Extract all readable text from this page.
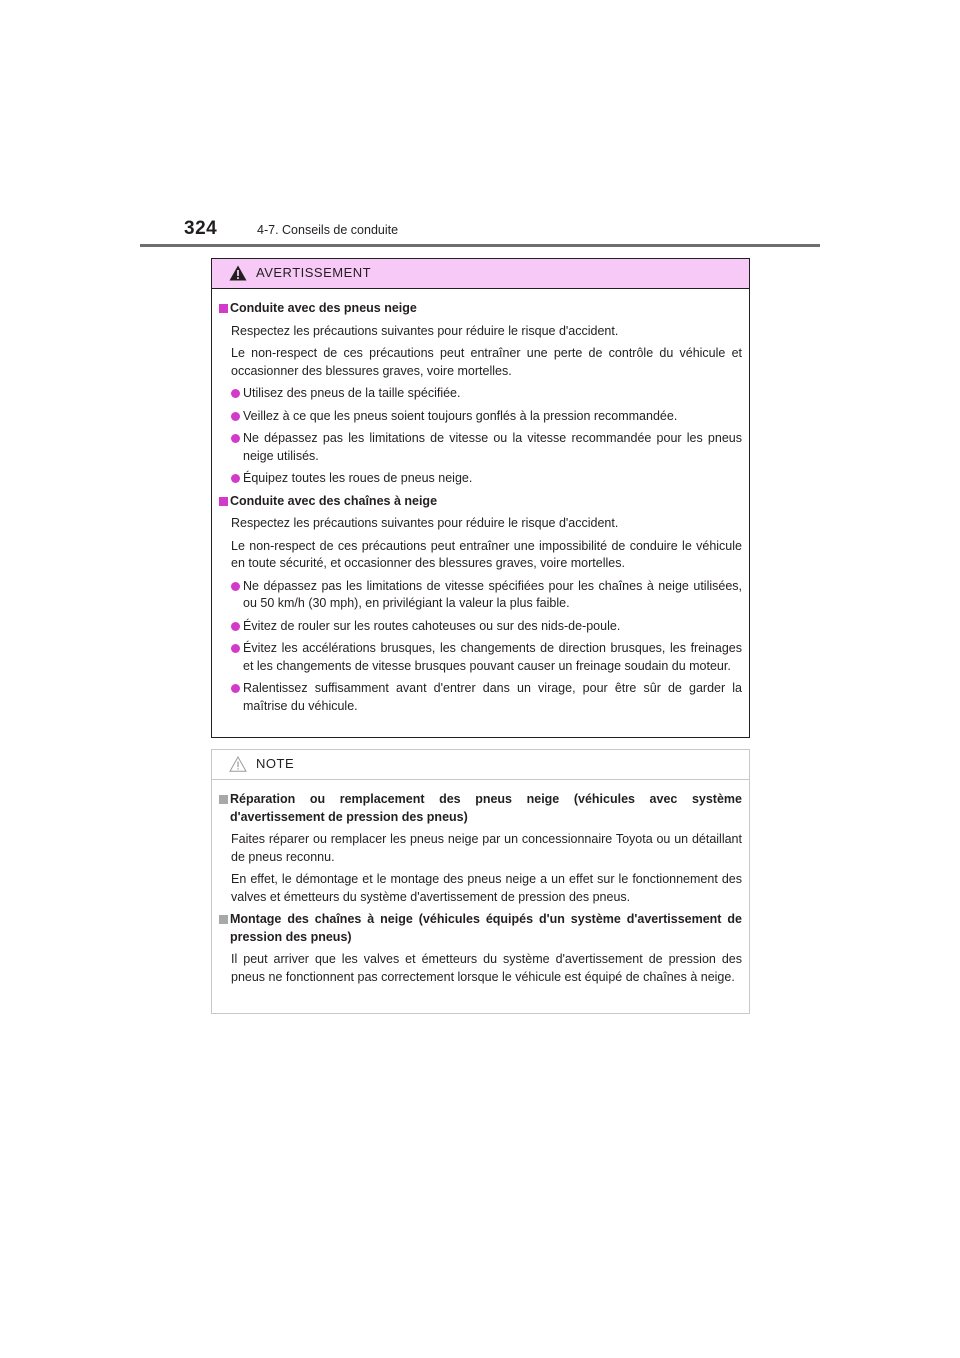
324	4-7. Conseils de conduite
AVERTISSEMENT
Conduite avec des pneus neige
Respectez les précautions suivantes pour réduire le risque d'accident.
Le non-respect de ces précautions peut entraîner une perte de contrôle du véhicule et occasionner des blessures graves, voire mortelles.
Utilisez des pneus de la taille spécifiée.
Veillez à ce que les pneus soient toujours gonflés à la pression recommandée.
Ne dépassez pas les limitations de vitesse ou la vitesse recommandée pour les pneus neige utilisés.
Équipez toutes les roues de pneus neige.
Conduite avec des chaînes à neige
Respectez les précautions suivantes pour réduire le risque d'accident.
Le non-respect de ces précautions peut entraîner une impossibilité de conduire le véhicule en toute sécurité, et occasionner des blessures graves, voire mortelles.
Ne dépassez pas les limitations de vitesse spécifiées pour les chaînes à neige utilisées, ou 50 km/h (30 mph), en privilégiant la valeur la plus faible.
Évitez de rouler sur les routes cahoteuses ou sur des nids-de-poule.
Évitez les accélérations brusques, les changements de direction brusques, les freinages et les changements de vitesse brusques pouvant causer un freinage soudain du moteur.
Ralentissez suffisamment avant d'entrer dans un virage, pour être sûr de garder la maîtrise du véhicule.
NOTE
Réparation ou remplacement des pneus neige (véhicules avec système d'avertissement de pression des pneus)
Faites réparer ou remplacer les pneus neige par un concessionnaire Toyota ou un détaillant de pneus reconnu.
En effet, le démontage et le montage des pneus neige a un effet sur le fonctionnement des valves et émetteurs du système d'avertissement de pression des pneus.
Montage des chaînes à neige (véhicules équipés d'un système d'avertissement de pression des pneus)
Il peut arriver que les valves et émetteurs du système d'avertissement de pression des pneus ne fonctionnent pas correctement lorsque le véhicule est équipé de chaînes à neige.
